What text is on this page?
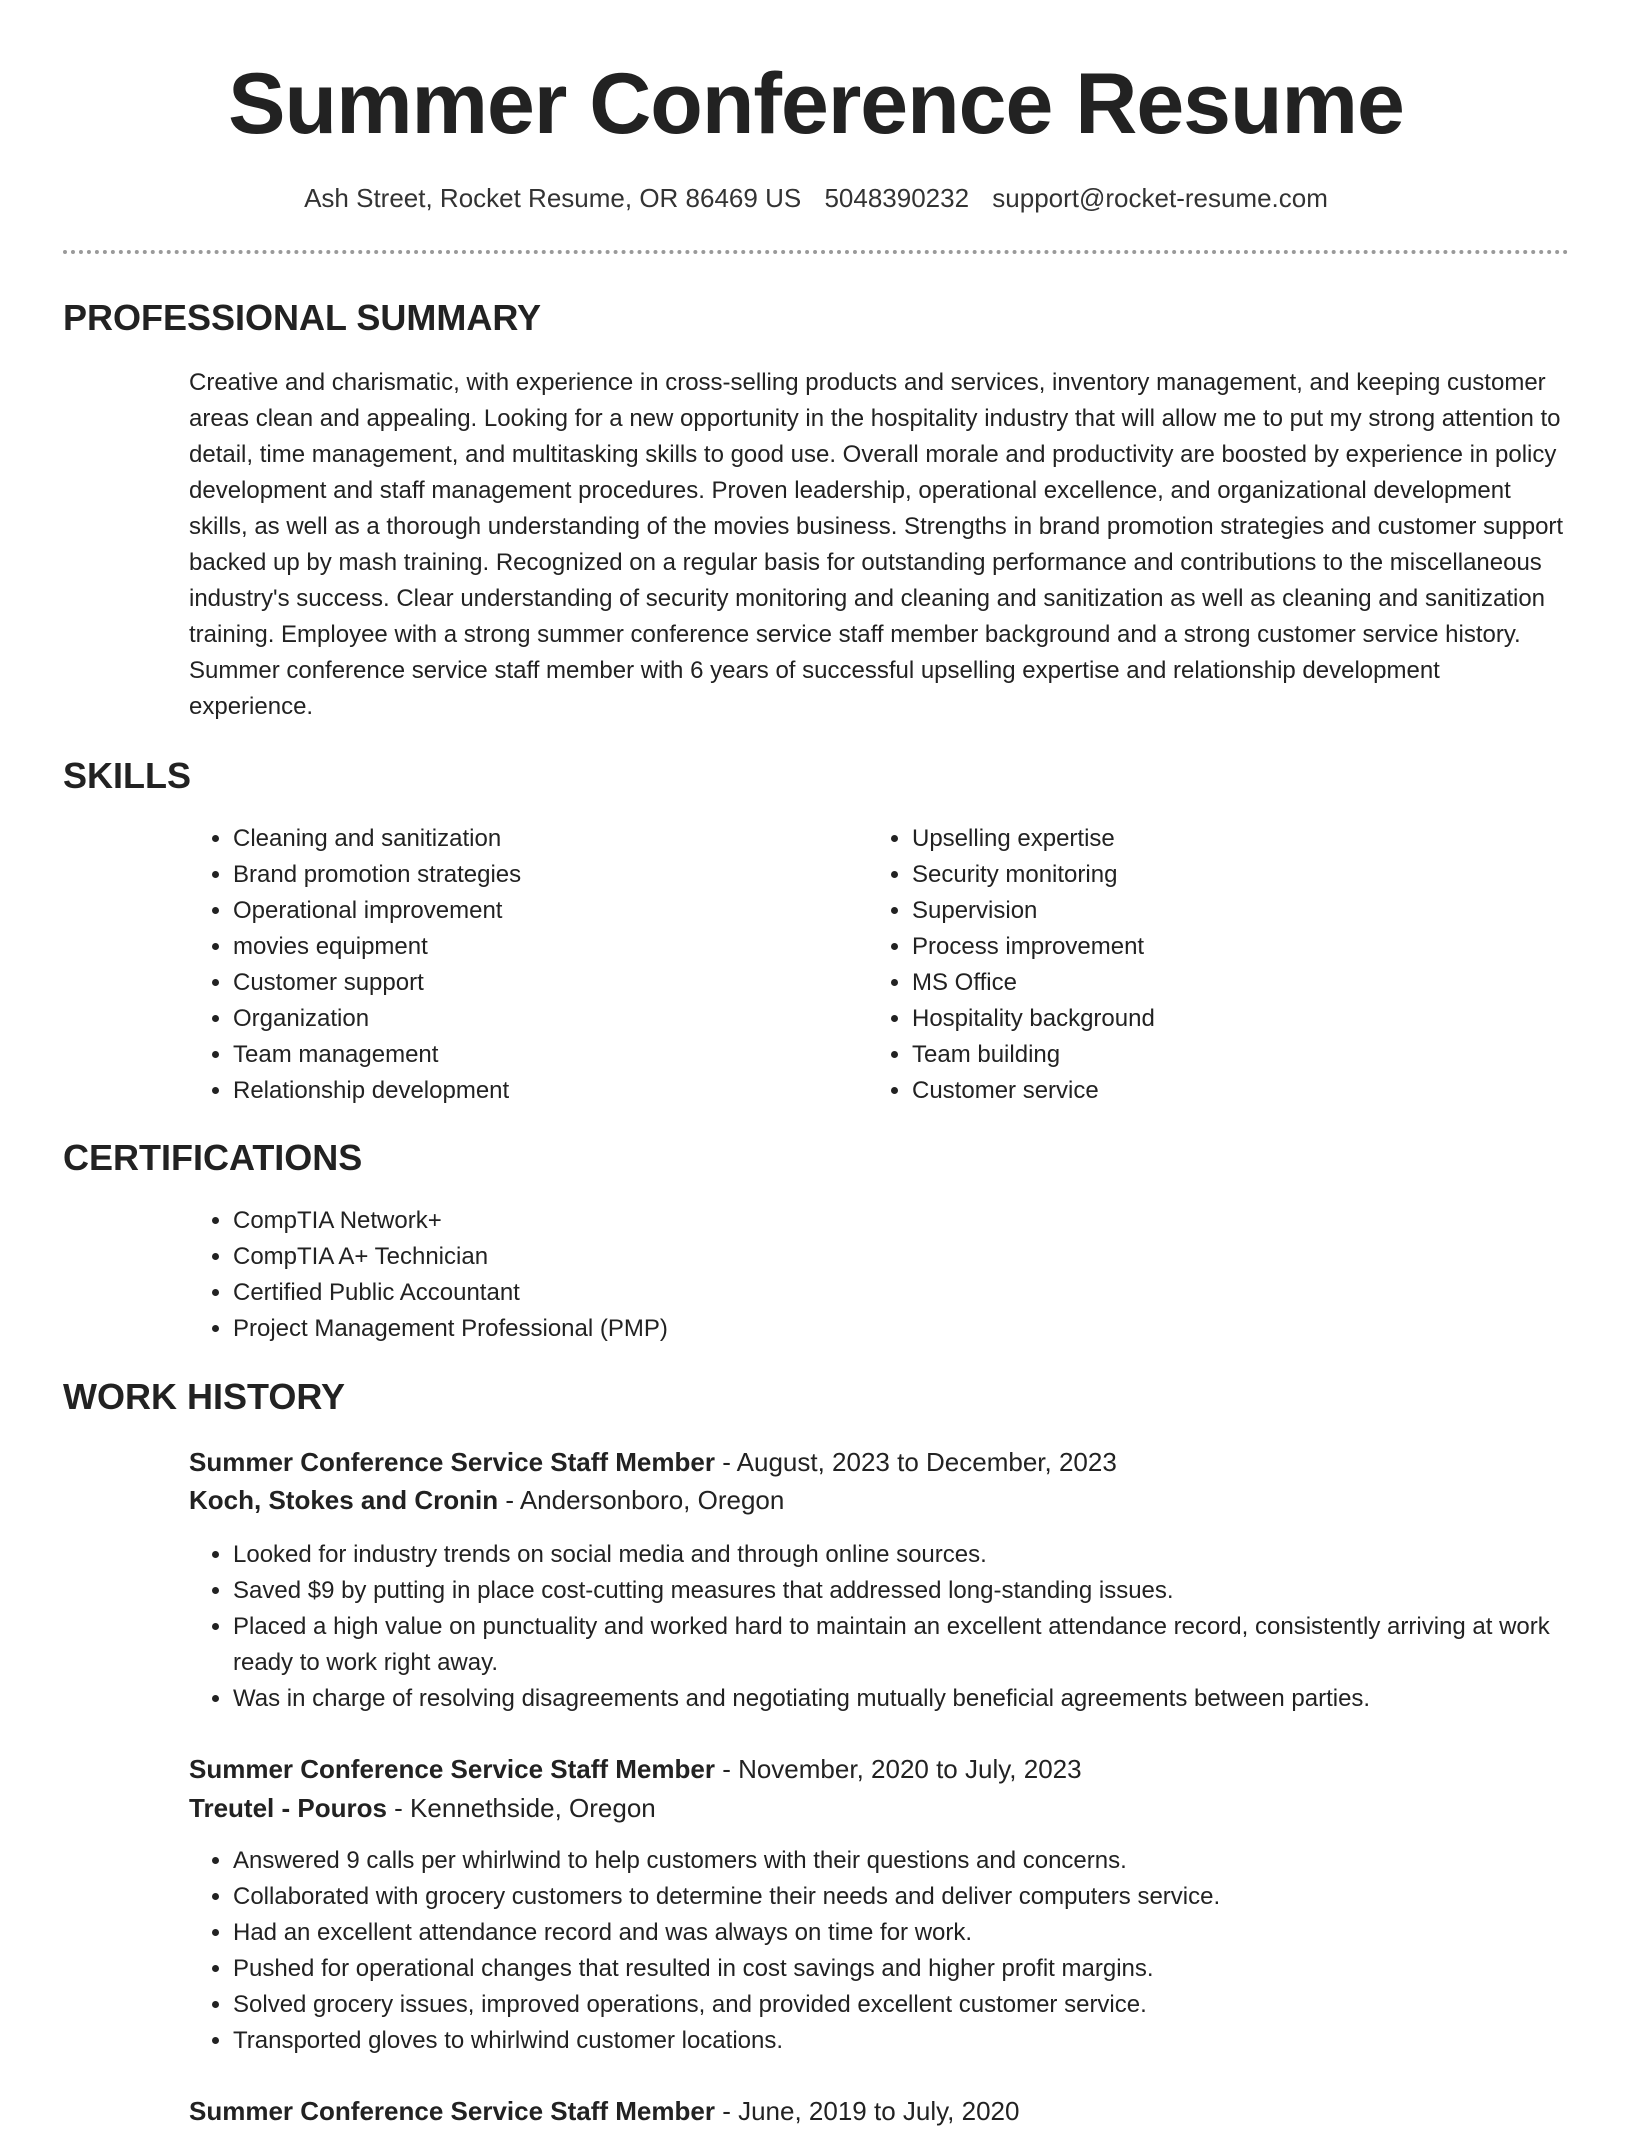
Summer Conference Resume
Ash Street, Rocket Resume, OR 86469 US 5048390232 support@rocket-resume.com
PROFESSIONAL SUMMARY

Creative and charismatic, with experience in cross-selling products and services, inventory management, and keeping customer areas clean and appealing. Looking for a new opportunity in the hospitality industry that will allow me to put my strong attention to detail, time management, and multitasking skills to good use. Overall morale and productivity are boosted by experience in policy development and staff management procedures. Proven leadership, operational excellence, and organizational development skills, as well as a thorough understanding of the movies business. Strengths in brand promotion strategies and customer support backed up by mash training. Recognized on a regular basis for outstanding performance and contributions to the miscellaneous industry's success. Clear understanding of security monitoring and cleaning and sanitization as well as cleaning and sanitization training. Employee with a strong summer conference service staff member background and a strong customer service history. Summer conference service staff member with 6 years of successful upselling expertise and relationship development experience.

SKILLS
• Cleaning and sanitization
• Brand promotion strategies
• Operational improvement
• movies equipment
• Customer support
• Organization
• Team management
• Relationship development
• Upselling expertise
• Security monitoring
• Supervision
• Process improvement
• MS Office
• Hospitality background
• Team building
• Customer service
CERTIFICATIONS
• CompTIA Network+
• CompTIA A+ Technician
• Certified Public Accountant
• Project Management Professional (PMP)
WORK HISTORY
Summer Conference Service Staff Member - August, 2023 to December, 2023
Koch, Stokes and Cronin - Andersonboro, Oregon
• Looked for industry trends on social media and through online sources.
• Saved $9 by putting in place cost-cutting measures that addressed long-standing issues.
• Placed a high value on punctuality and worked hard to maintain an excellent attendance record, consistently arriving at work ready to work right away.
• Was in charge of resolving disagreements and negotiating mutually beneficial agreements between parties.
Summer Conference Service Staff Member - November, 2020 to July, 2023
Treutel - Pouros - Kennethside, Oregon
• Answered 9 calls per whirlwind to help customers with their questions and concerns.
• Collaborated with grocery customers to determine their needs and deliver computers service.
• Had an excellent attendance record and was always on time for work.
• Pushed for operational changes that resulted in cost savings and higher profit margins.
• Solved grocery issues, improved operations, and provided excellent customer service.
• Transported gloves to whirlwind customer locations.
Summer Conference Service Staff Member - June, 2019 to July, 2020
